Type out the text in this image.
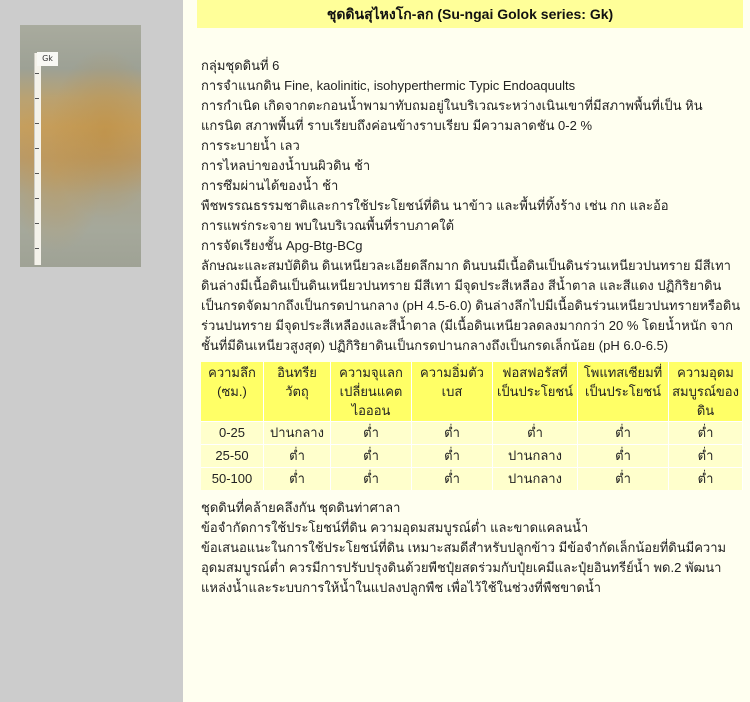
Gk
ชุดดินสุไหงโก-ลก (Su-ngai Golok series: Gk)

กลุ่มชุดดินที่ 6

การจำแนกดิน Fine, kaolinitic, isohyperthermic Typic Endoaquults

การกำเนิด เกิดจากตะกอนน้ำพามาทับถมอยู่ในบริเวณระหว่างเนินเขาที่มีสภาพพื้นที่เป็น หินแกรนิต สภาพพื้นที่ ราบเรียบถึงค่อนข้างราบเรียบ มีความลาดชัน 0-2 %

การระบายน้ำ เลว

การไหลบ่าของน้ำบนผิวดิน ช้า

การซึมผ่านได้ของน้ำ ช้า

พืชพรรณธรรมชาติและการใช้ประโยชน์ที่ดิน นาข้าว และพื้นที่ทิ้งร้าง เช่น กก และอ้อ

การแพร่กระจาย พบในบริเวณพื้นที่ราบภาคใต้

การจัดเรียงชั้น Apg-Btg-BCg

ลักษณะและสมบัติดิน ดินเหนียวละเอียดลึกมาก ดินบนมีเนื้อดินเป็นดินร่วนเหนียวปนทราย มีสีเทา ดินล่างมีเนื้อดินเป็นดินเหนียวปนทราย มีสีเทา มีจุดประสีเหลือง สีน้ำตาล และสีแดง ปฏิกิริยาดินเป็นกรดจัดมากถึงเป็นกรดปานกลาง (pH 4.5-6.0) ดินล่างลึกไปมีเนื้อดินร่วนเหนียวปนทรายหรือดินร่วนปนทราย มีจุดประสีเหลืองและสีน้ำตาล (มีเนื้อดินเหนียวลดลงมากกว่า 20 % โดยน้ำหนัก จากชั้นที่มีดินเหนียวสูงสุด) ปฏิกิริยาดินเป็นกรดปานกลางถึงเป็นกรดเล็กน้อย (pH 6.0-6.5)

ความลึก (ซม.)	อินทรียวัตถุ	ความจุแลกเปลี่ยนแคตไอออน	ความอิ่มตัวเบส	ฟอสฟอรัสที่เป็นประโยชน์	โพแทสเซียมที่เป็นประโยชน์	ความอุดมสมบูรณ์ของดิน
0-25	ปานกลาง	ต่ำ	ต่ำ	ต่ำ	ต่ำ	ต่ำ
25-50	ต่ำ	ต่ำ	ต่ำ	ปานกลาง	ต่ำ	ต่ำ
50-100	ต่ำ	ต่ำ	ต่ำ	ปานกลาง	ต่ำ	ต่ำ

ชุดดินที่คล้ายคลึงกัน ชุดดินท่าศาลา

ข้อจำกัดการใช้ประโยชน์ที่ดิน ความอุดมสมบูรณ์ต่ำ และขาดแคลนน้ำ

ข้อเสนอแนะในการใช้ประโยชน์ที่ดิน เหมาะสมดีสำหรับปลูกข้าว มีข้อจำกัดเล็กน้อยที่ดินมีความอุดมสมบูรณ์ต่ำ ควรมีการปรับปรุงดินด้วยพืชปุ๋ยสดร่วมกับปุ๋ยเคมีและปุ๋ยอินทรีย์น้ำ พด.2 พัฒนาแหล่งน้ำและระบบการให้น้ำในแปลงปลูกพืช เพื่อไว้ใช้ในช่วงที่พืชขาดน้ำ
